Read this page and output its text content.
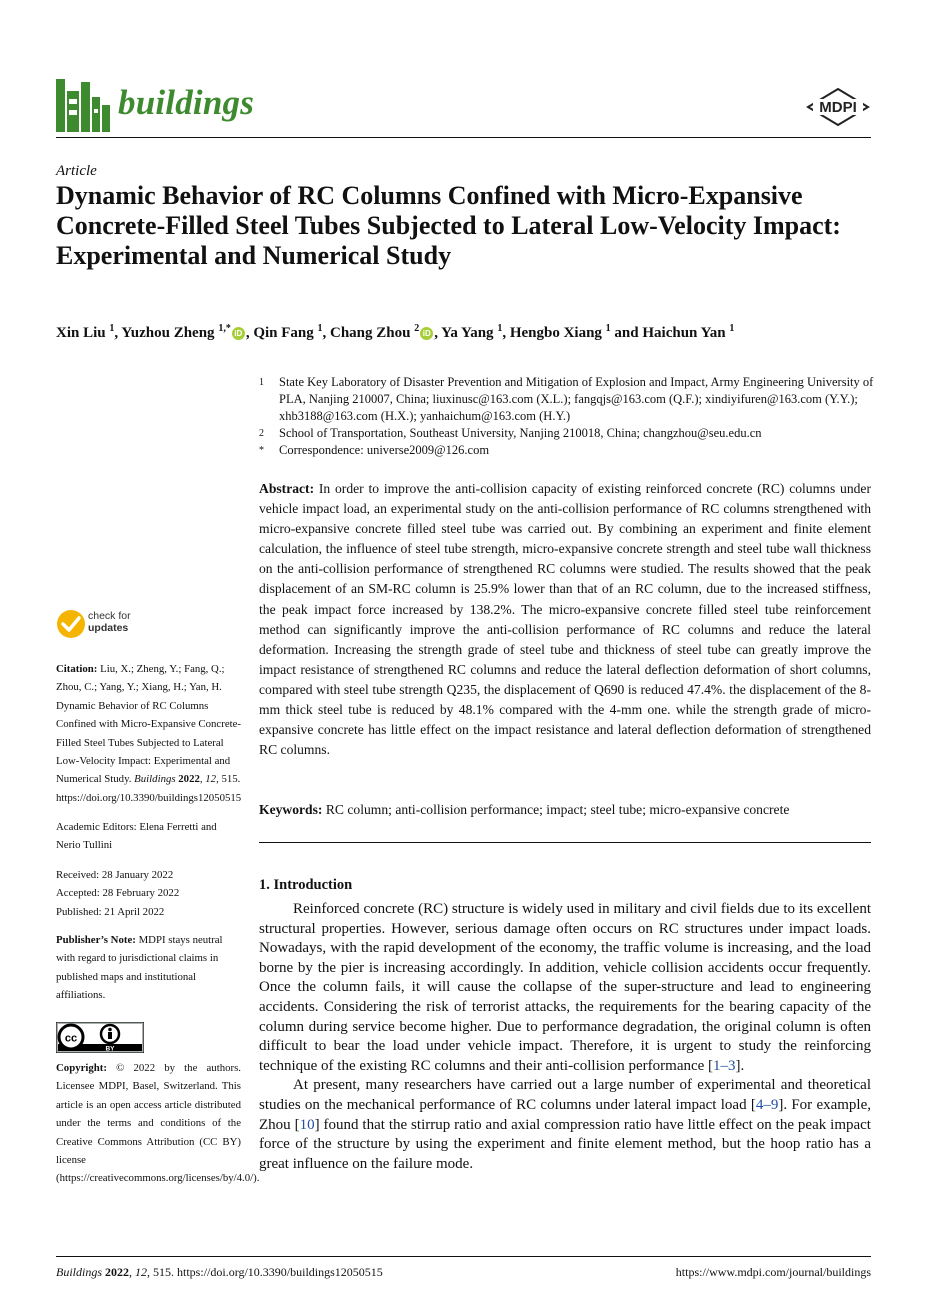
buildings	MDPI
Article
Dynamic Behavior of RC Columns Confined with Micro-Expansive Concrete-Filled Steel Tubes Subjected to Lateral Low-Velocity Impact: Experimental and Numerical Study
Xin Liu $^1$, Yuzhou Zheng $^{1,*}$ iD , Qin Fang $^1$, Chang Zhou $^2$ iD , Ya Yang $^1$, Hengbo Xiang $^1$ and Haichun Yan $^1$
1 State Key Laboratory of Disaster Prevention and Mitigation of Explosion and Impact, Army Engineering University of PLA, Nanjing 210007, China; liuxinusc@163.com (X.L.); fangqjs@163.com (Q.F.); xindiyifuren@163.com (Y.Y.); xhb3188@163.com (H.X.); yanhaichum@163.com (H.Y.)
2 School of Transportation, Southeast University, Nanjing 210018, China; changzhou@seu.edu.cn
* Correspondence: universe2009@126.com
Abstract: In order to improve the anti-collision capacity of existing reinforced concrete (RC) columns under vehicle impact load, an experimental study on the anti-collision performance of RC columns strengthened with micro-expansive concrete filled steel tube was carried out. By combining an experiment and finite element calculation, the influence of steel tube strength, micro-expansive concrete strength and steel tube wall thickness on the anti-collision performance of strengthened RC columns were studied. The results showed that the peak displacement of an SM-RC column is 25.9% lower than that of an RC column, due to the increased stiffness, the peak impact force increased by 138.2%. The micro-expansive concrete filled steel tube reinforcement method can significantly improve the anti-collision performance of RC columns and reduce the lateral deformation. Increasing the strength grade of steel tube and thickness of steel tube can greatly improve the impact resistance of strengthened RC columns and reduce the lateral deflection deformation of short columns, compared with steel tube strength Q235, the displacement of Q690 is reduced 47.4%. the displacement of the 8-mm thick steel tube is reduced by 48.1% compared with the 4-mm one. while the strength grade of micro-expansive concrete has little effect on the impact resistance and lateral deflection deformation of strengthened RC columns.
Keywords: RC column; anti-collision performance; impact; steel tube; micro-expansive concrete
check for
updates
Citation: Liu, X.; Zheng, Y.; Fang, Q.; Zhou, C.; Yang, Y.; Xiang, H.; Yan, H. Dynamic Behavior of RC Columns Confined with Micro-Expansive Concrete-Filled Steel Tubes Subjected to Lateral Low-Velocity Impact: Experimental and Numerical Study. Buildings 2022, 12, 515. https://doi.org/10.3390/buildings12050515
Academic Editors: Elena Ferretti and Nerio Tullini
Received: 28 January 2022
Accepted: 28 February 2022
Published: 21 April 2022
Publisher’s Note: MDPI stays neutral with regard to jurisdictional claims in published maps and institutional affiliations.
cc
BY
Copyright: © 2022 by the authors. Licensee MDPI, Basel, Switzerland. This article is an open access article distributed under the terms and conditions of the Creative Commons Attribution (CC BY) license (https://creativecommons.org/licenses/by/4.0/).
1. Introduction

Reinforced concrete (RC) structure is widely used in military and civil fields due to its excellent structural properties. However, serious damage often occurs on RC structures under impact loads. Nowadays, with the rapid development of the economy, the traffic volume is increasing, and the load borne by the pier is increasing accordingly. In addition, vehicle collision accidents occur frequently. Once the column fails, it will cause the collapse of the super-structure and lead to engineering accidents. Considering the risk of terrorist attacks, the requirements for the bearing capacity of the column during service become higher. Due to performance degradation, the original column is often difficult to bear the load under vehicle impact. Therefore, it is urgent to study the reinforcing technique of the existing RC columns and their anti-collision performance [1–3].

At present, many researchers have carried out a large number of experimental and theoretical studies on the mechanical performance of RC columns under lateral impact load [4–9]. For example, Zhou [10] found that the stirrup ratio and axial compression ratio have little effect on the peak impact force of the structure by using the experiment and finite element method, but the hoop ratio has a great influence on the failure mode.

Buildings 2022, 12, 515. https://doi.org/10.3390/buildings12050515	https://www.mdpi.com/journal/buildings
